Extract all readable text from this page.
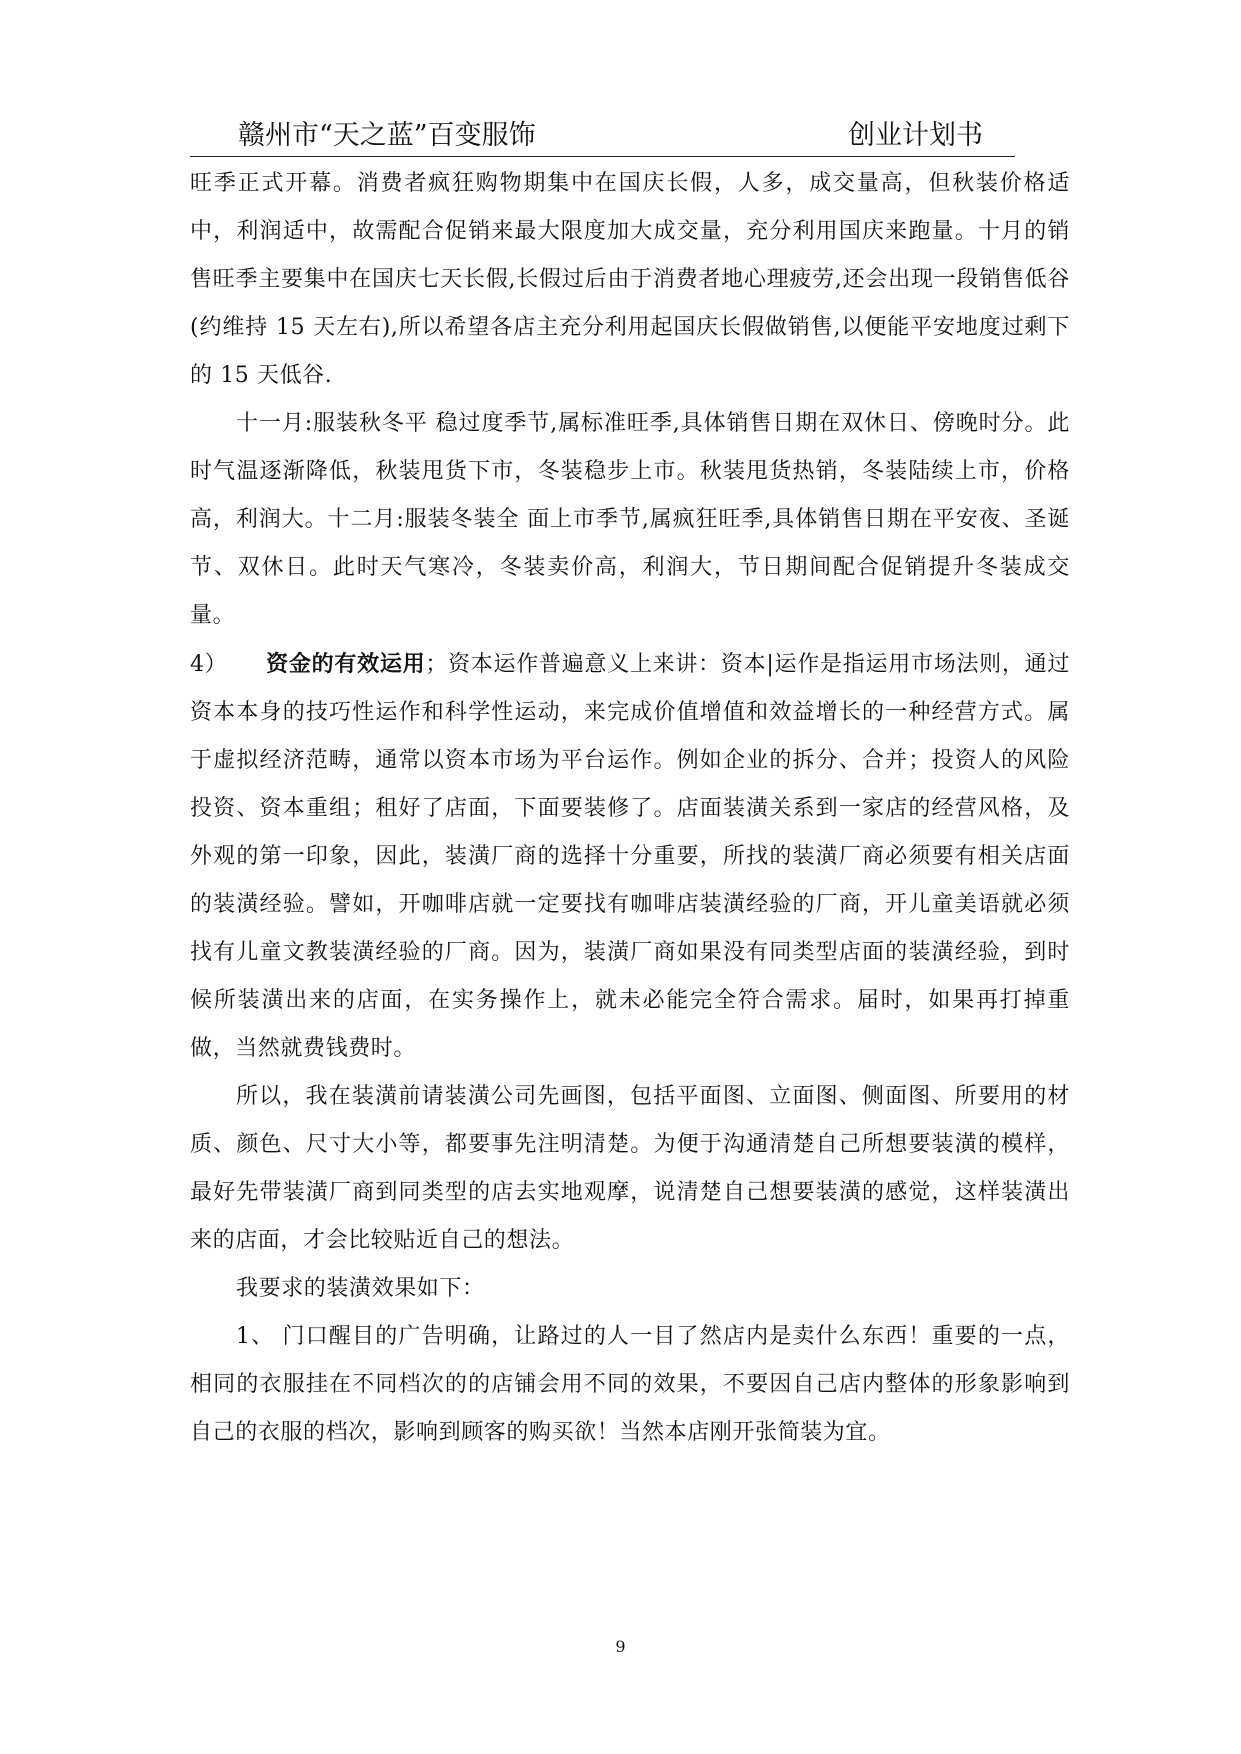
赣州市“天之蓝”百变服饰	创业计划书

旺季正式开幕。消费者疯狂购物期集中在国庆长假，人多，成交量高，但秋装价格适中，利润适中，故需配合促销来最大限度加大成交量，充分利用国庆来跑量。十月的销售旺季主要集中在国庆七天长假,长假过后由于消费者地心理疲劳,还会出现一段销售低谷(约维持 15 天左右),所以希望各店主充分利用起国庆长假做销售,以便能平安地度过剩下的 15 天低谷.

十一月:服装秋冬平 稳过度季节,属标准旺季,具体销售日期在双休日、傍晚时分。此时气温逐渐降低，秋装甩货下市，冬装稳步上市。秋装甩货热销，冬装陆续上市，价格高，利润大。十二月:服装冬装全 面上市季节,属疯狂旺季,具体销售日期在平安夜、圣诞节、双休日。此时天气寒冷，冬装卖价高，利润大，节日期间配合促销提升冬装成交量。

4） 资金的有效运用；资本运作普遍意义上来讲：资本|运作是指运用市场法则，通过资本本身的技巧性运作和科学性运动，来完成价值增值和效益增长的一种经营方式。属于虚拟经济范畴，通常以资本市场为平台运作。例如企业的拆分、合并；投资人的风险投资、资本重组；租好了店面，下面要装修了。店面装潢关系到一家店的经营风格，及外观的第一印象，因此，装潢厂商的选择十分重要，所找的装潢厂商必须要有相关店面的装潢经验。譬如，开咖啡店就一定要找有咖啡店装潢经验的厂商，开儿童美语就必须找有儿童文教装潢经验的厂商。因为，装潢厂商如果没有同类型店面的装潢经验，到时候所装潢出来的店面，在实务操作上，就未必能完全符合需求。届时，如果再打掉重做，当然就费钱费时。

所以，我在装潢前请装潢公司先画图，包括平面图、立面图、侧面图、所要用的材质、颜色、尺寸大小等，都要事先注明清楚。为便于沟通清楚自己所想要装潢的模样，最好先带装潢厂商到同类型的店去实地观摩，说清楚自己想要装潢的感觉，这样装潢出来的店面，才会比较贴近自己的想法。

我要求的装潢效果如下：

1、 门口醒目的广告明确，让路过的人一目了然店内是卖什么东西！重要的一点，相同的衣服挂在不同档次的的店铺会用不同的效果，不要因自己店内整体的形象影响到自己的衣服的档次，影响到顾客的购买欲！当然本店刚开张简装为宜。

9
